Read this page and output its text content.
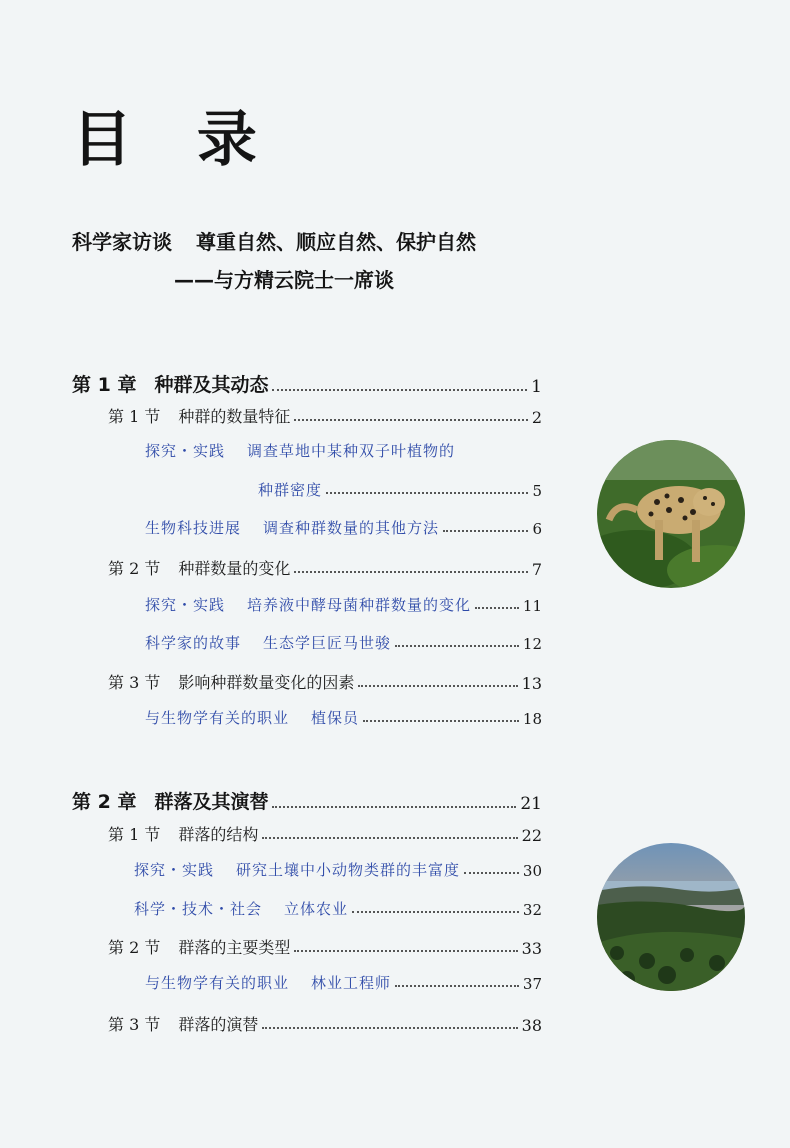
目 录
科学家访谈 尊重自然、顺应自然、保护自然
——与方精云院士一席谈
第 1 章 种群及其动态	1
第 1 节 种群的数量特征	2
探究・实践 调查草地中某种双子叶植物的
种群密度	5
生物科技进展 调查种群数量的其他方法	6
第 2 节 种群数量的变化	7
探究・实践 培养液中酵母菌种群数量的变化	11
科学家的故事 生态学巨匠马世骏	12
第 3 节 影响种群数量变化的因素	13
与生物学有关的职业 植保员	18
第 2 章 群落及其演替	21
第 1 节 群落的结构	22
探究・实践 研究土壤中小动物类群的丰富度	30
科学・技术・社会 立体农业	32
第 2 节 群落的主要类型	33
与生物学有关的职业 林业工程师	37
第 3 节 群落的演替	38
